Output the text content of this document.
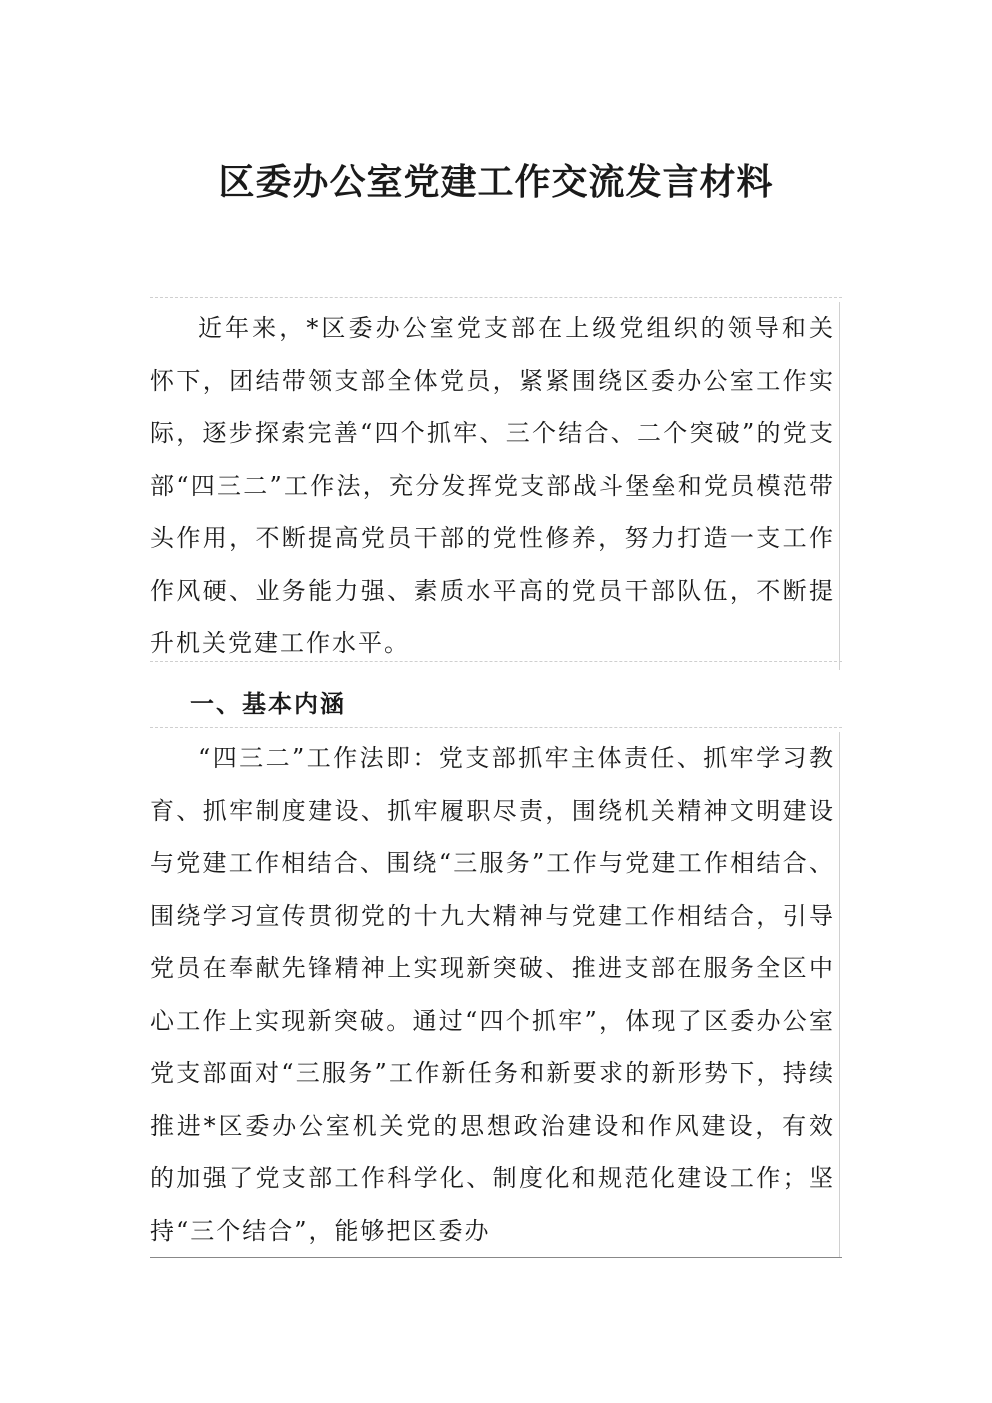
区委办公室党建工作交流发言材料

近年来，*区委办公室党支部在上级党组织的领导和关怀下，团结带领支部全体党员，紧紧围绕区委办公室工作实际，逐步探索完善“四个抓牢、三个结合、二个突破”的党支部“四三二”工作法，充分发挥党支部战斗堡垒和党员模范带头作用，不断提高党员干部的党性修养，努力打造一支工作作风硬、业务能力强、素质水平高的党员干部队伍，不断提升机关党建工作水平。

一、基本内涵

“四三二”工作法即：党支部抓牢主体责任、抓牢学习教育、抓牢制度建设、抓牢履职尽责，围绕机关精神文明建设与党建工作相结合、围绕“三服务”工作与党建工作相结合、围绕学习宣传贯彻党的十九大精神与党建工作相结合，引导党员在奉献先锋精神上实现新突破、推进支部在服务全区中心工作上实现新突破。通过“四个抓牢”，体现了区委办公室党支部面对“三服务”工作新任务和新要求的新形势下，持续推进*区委办公室机关党的思想政治建设和作风建设，有效的加强了党支部工作科学化、制度化和规范化建设工作；坚持“三个结合”，能够把区委办
